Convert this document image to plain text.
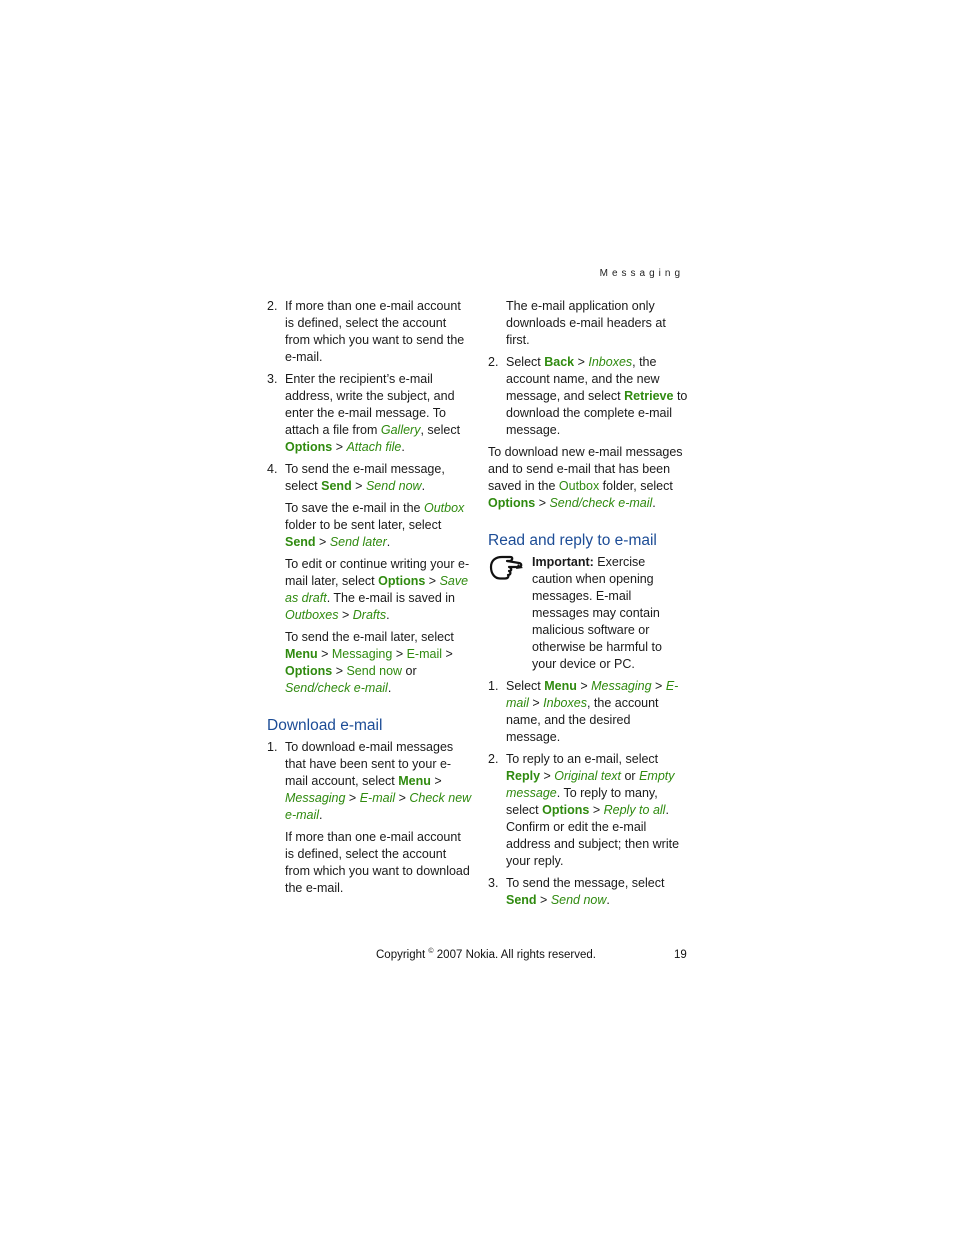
Messaging
2. If more than one e-mail account is defined, select the account from which you want to send the e-mail.
3. Enter the recipient’s e-mail address, write the subject, and enter the e-mail message. To attach a file from Gallery, select Options > Attach file.
4. To send the e-mail message, select Send > Send now.

To save the e-mail in the Outbox folder to be sent later, select Send > Send later.

To edit or continue writing your e-mail later, select Options > Save as draft. The e-mail is saved in Outboxes > Drafts.

To send the e-mail later, select Menu > Messaging > E-mail > Options > Send now or Send/check e-mail.

Download e-mail
1. To download e-mail messages that have been sent to your e-mail account, select Menu > Messaging > E-mail > Check new e-mail.

If more than one e-mail account is defined, select the account from which you want to download the e-mail.

The e-mail application only downloads e-mail headers at first.

2. Select Back > Inboxes, the account name, and the new message, and select Retrieve to download the complete e-mail message.

To download new e-mail messages and to send e-mail that has been saved in the Outbox folder, select Options > Send/check e-mail.

Read and reply to e-mail
Important: Exercise caution when opening messages. E-mail messages may contain malicious software or otherwise be harmful to your device or PC.
1. Select Menu > Messaging > E-mail > Inboxes, the account name, and the desired message.
2. To reply to an e-mail, select Reply > Original text or Empty message. To reply to many, select Options > Reply to all. Confirm or edit the e-mail address and subject; then write your reply.
3. To send the message, select Send > Send now.
Copyright © 2007 Nokia. All rights reserved.	19
